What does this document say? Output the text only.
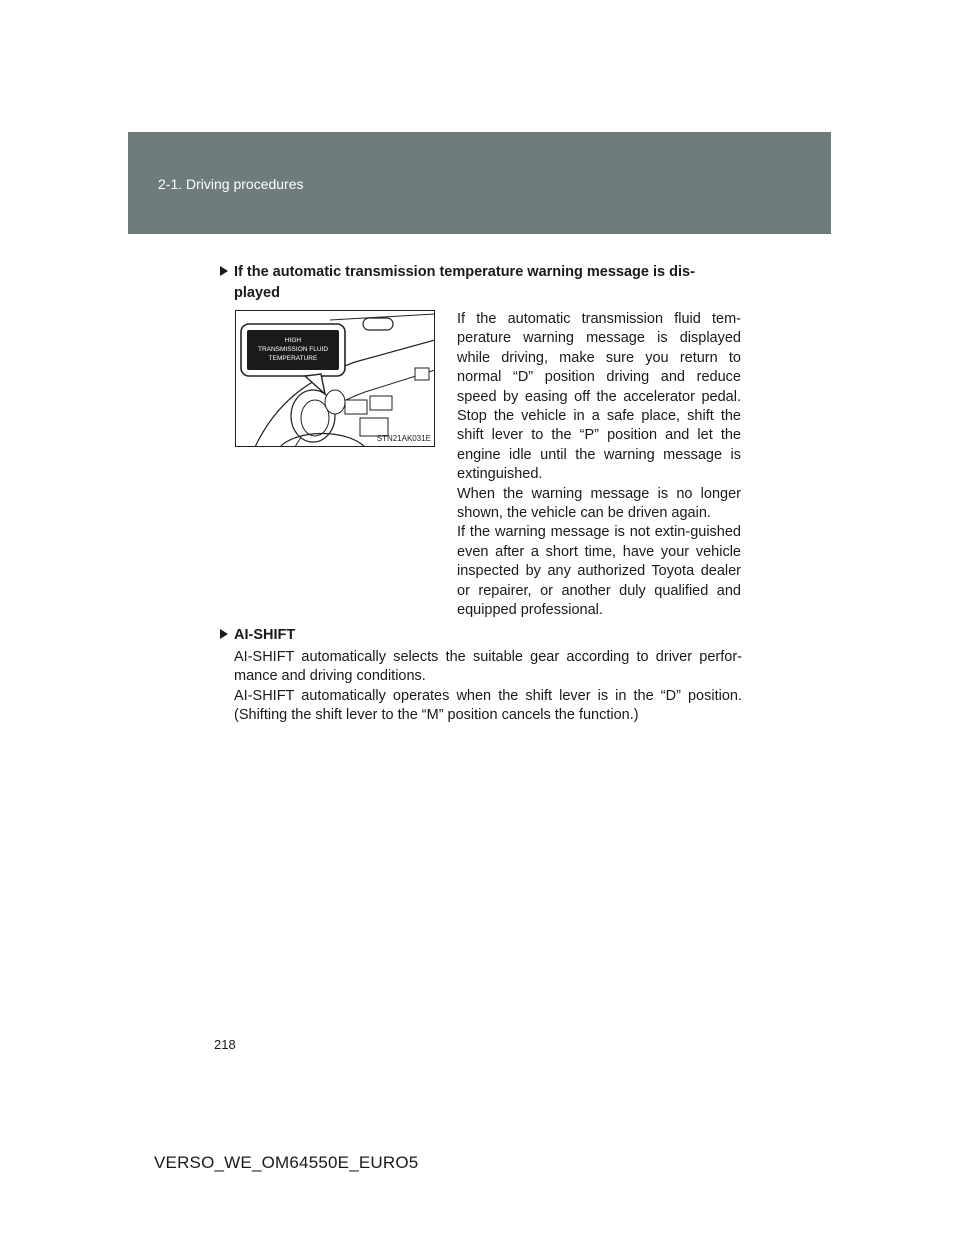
2-1. Driving procedures
If the automatic transmission temperature warning message is dis-
played
HIGH
TRANSMISSION FLUID
TEMPERATURE
STN21AK031E

If the automatic transmission fluid tem-perature warning message is displayed while driving, make sure you return to normal “D” position driving and reduce speed by easing off the accelerator pedal. Stop the vehicle in a safe place, shift the shift lever to the “P” position and let the engine idle until the warning message is extinguished.

When the warning message is no longer shown, the vehicle can be driven again.

If the warning message is not extin-guished even after a short time, have your vehicle inspected by any authorized Toyota dealer or repairer, or another duly qualified and equipped professional.

AI-SHIFT

AI-SHIFT automatically selects the suitable gear according to driver perfor-mance and driving conditions.

AI-SHIFT automatically operates when the shift lever is in the “D” position. (Shifting the shift lever to the “M” position cancels the function.)

218
VERSO_WE_OM64550E_EURO5
